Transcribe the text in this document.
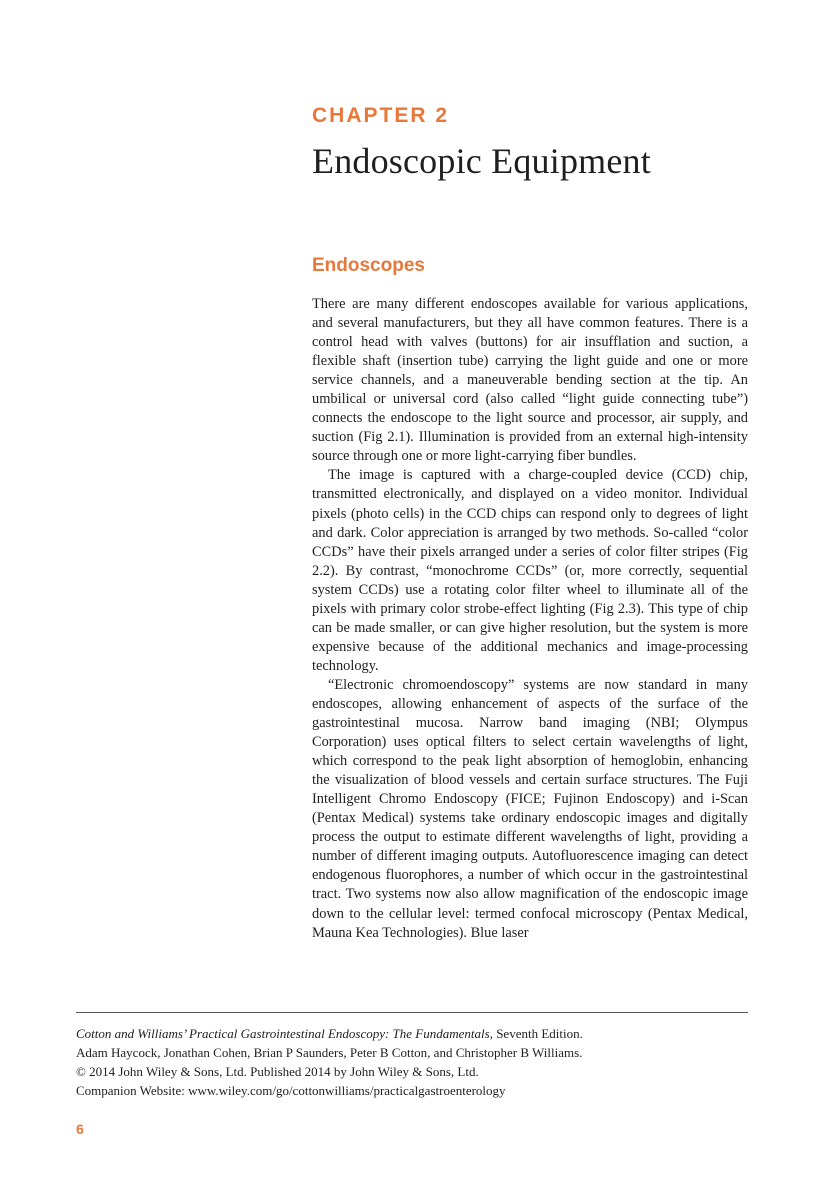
CHAPTER 2
Endoscopic Equipment
Endoscopes

There are many different endoscopes available for various applications, and several manufacturers, but they all have common features. There is a control head with valves (buttons) for air insufflation and suction, a flexible shaft (insertion tube) carrying the light guide and one or more service channels, and a maneuverable bending section at the tip. An umbilical or universal cord (also called “light guide connecting tube”) connects the endoscope to the light source and processor, air supply, and suction (Fig 2.1). Illumination is provided from an external high-intensity source through one or more light-carrying fiber bundles.

The image is captured with a charge-coupled device (CCD) chip, transmitted electronically, and displayed on a video monitor. Individual pixels (photo cells) in the CCD chips can respond only to degrees of light and dark. Color appreciation is arranged by two methods. So-called “color CCDs” have their pixels arranged under a series of color filter stripes (Fig 2.2). By contrast, “monochrome CCDs” (or, more correctly, sequential system CCDs) use a rotating color filter wheel to illuminate all of the pixels with primary color strobe-effect lighting (Fig 2.3). This type of chip can be made smaller, or can give higher resolution, but the system is more expensive because of the additional mechanics and image-processing technology.

“Electronic chromoendoscopy” systems are now standard in many endoscopes, allowing enhancement of aspects of the surface of the gastrointestinal mucosa. Narrow band imaging (NBI; Olympus Corporation) uses optical filters to select certain wavelengths of light, which correspond to the peak light absorption of hemoglobin, enhancing the visualization of blood vessels and certain surface structures. The Fuji Intelligent Chromo Endoscopy (FICE; Fujinon Endoscopy) and i-Scan (Pentax Medical) systems take ordinary endoscopic images and digitally process the output to estimate different wavelengths of light, providing a number of different imaging outputs. Autofluorescence imaging can detect endogenous fluorophores, a number of which occur in the gastrointestinal tract. Two systems now also allow magnification of the endoscopic image down to the cellular level: termed confocal microscopy (Pentax Medical, Mauna Kea Technologies). Blue laser

Cotton and Williams’ Practical Gastrointestinal Endoscopy: The Fundamentals, Seventh Edition.
Adam Haycock, Jonathan Cohen, Brian P Saunders, Peter B Cotton, and Christopher B Williams.
© 2014 John Wiley & Sons, Ltd. Published 2014 by John Wiley & Sons, Ltd.
Companion Website: www.wiley.com/go/cottonwilliams/practicalgastroenterology
6
